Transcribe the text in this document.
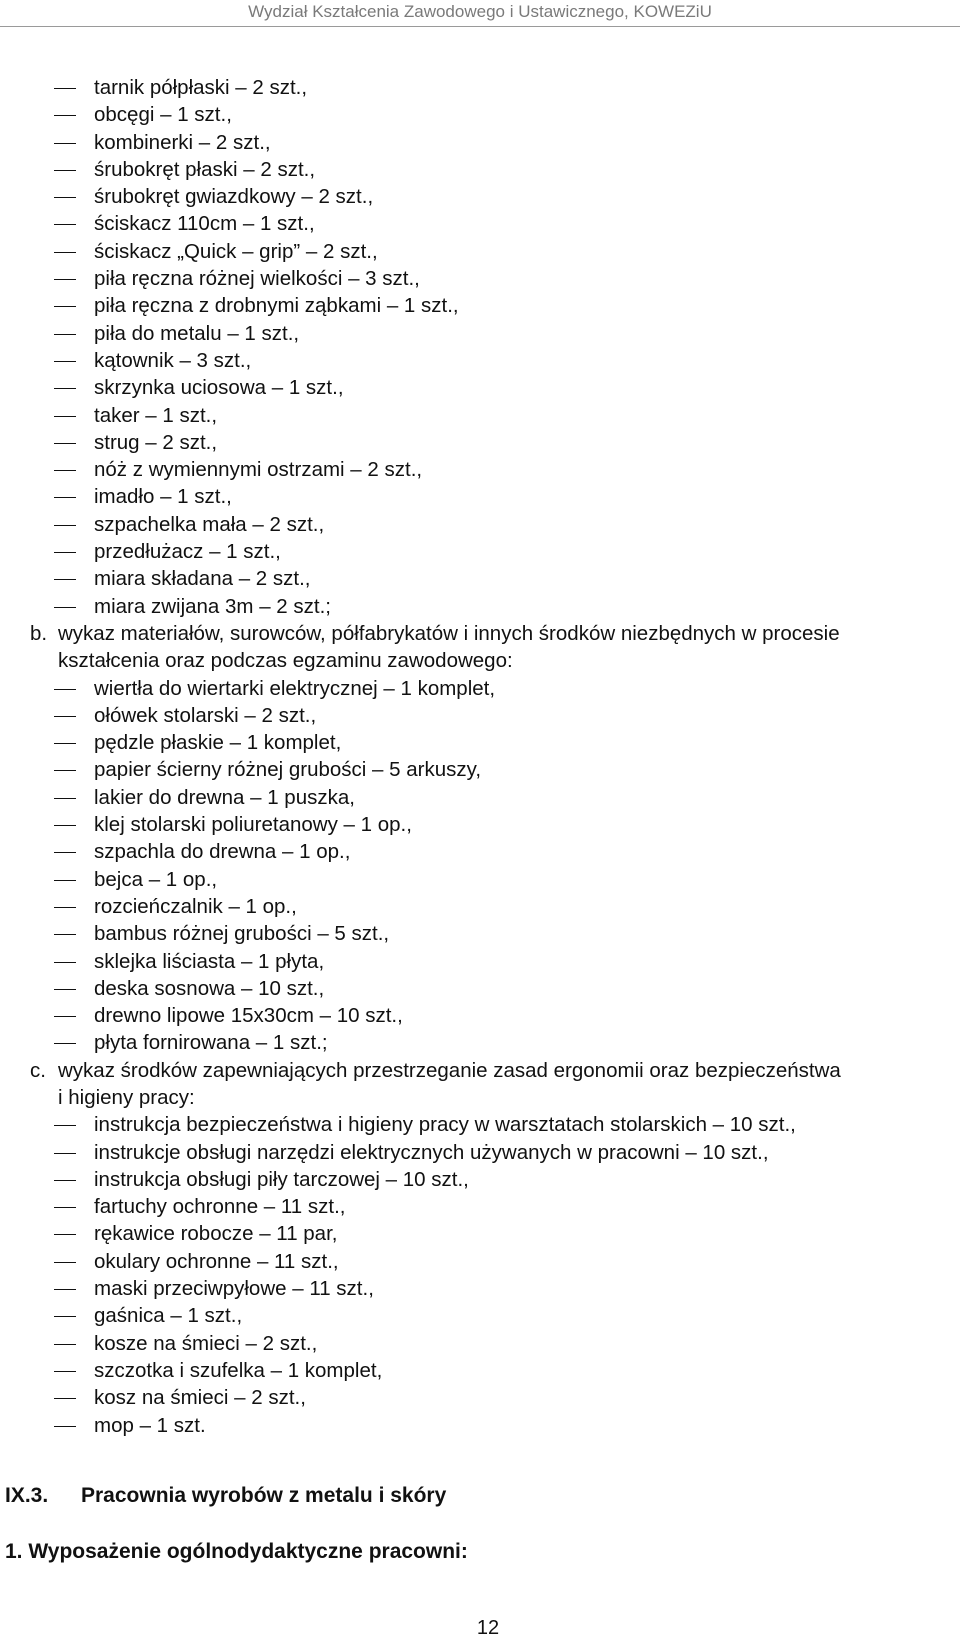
Wydział Kształcenia Zawodowego i Ustawicznego, KOWEZiU
tarnik półpłaski – 2 szt.,
obcęgi – 1 szt.,
kombinerki – 2 szt.,
śrubokręt płaski – 2 szt.,
śrubokręt gwiazdkowy – 2 szt.,
ściskacz 110cm – 1 szt.,
ściskacz „Quick – grip” – 2 szt.,
piła ręczna różnej wielkości – 3 szt.,
piła ręczna z drobnymi ząbkami – 1 szt.,
piła do metalu – 1 szt.,
kątownik – 3 szt.,
skrzynka uciosowa – 1 szt.,
taker – 1 szt.,
strug – 2 szt.,
nóż z wymiennymi ostrzami – 2 szt.,
imadło – 1 szt.,
szpachelka mała – 2 szt.,
przedłużacz – 1 szt.,
miara składana – 2 szt.,
miara zwijana 3m – 2 szt.;
b. wykaz materiałów, surowców, półfabrykatów i innych środków niezbędnych w procesie
kształcenia oraz podczas egzaminu zawodowego:
wiertła do wiertarki elektrycznej – 1 komplet,
ołówek stolarski – 2 szt.,
pędzle płaskie – 1 komplet,
papier ścierny różnej grubości – 5 arkuszy,
lakier do drewna – 1 puszka,
klej stolarski poliuretanowy – 1 op.,
szpachla do drewna – 1 op.,
bejca – 1 op.,
rozcieńczalnik – 1 op.,
bambus różnej grubości – 5 szt.,
sklejka liściasta – 1 płyta,
deska sosnowa – 10 szt.,
drewno lipowe 15x30cm – 10 szt.,
płyta fornirowana – 1 szt.;
c. wykaz środków zapewniających przestrzeganie zasad ergonomii oraz bezpieczeństwa
i higieny pracy:
instrukcja bezpieczeństwa i higieny pracy w warsztatach stolarskich – 10 szt.,
instrukcje obsługi narzędzi elektrycznych używanych w pracowni – 10 szt.,
instrukcja obsługi piły tarczowej – 10 szt.,
fartuchy ochronne – 11 szt.,
rękawice robocze – 11 par,
okulary ochronne – 11 szt.,
maski przeciwpyłowe – 11 szt.,
gaśnica – 1 szt.,
kosze na śmieci – 2 szt.,
szczotka i szufelka – 1 komplet,
kosz na śmieci – 2 szt.,
mop – 1 szt.
IX.3. Pracownia wyrobów z metalu i skóry
1. Wyposażenie ogólnodydaktyczne pracowni:
12
